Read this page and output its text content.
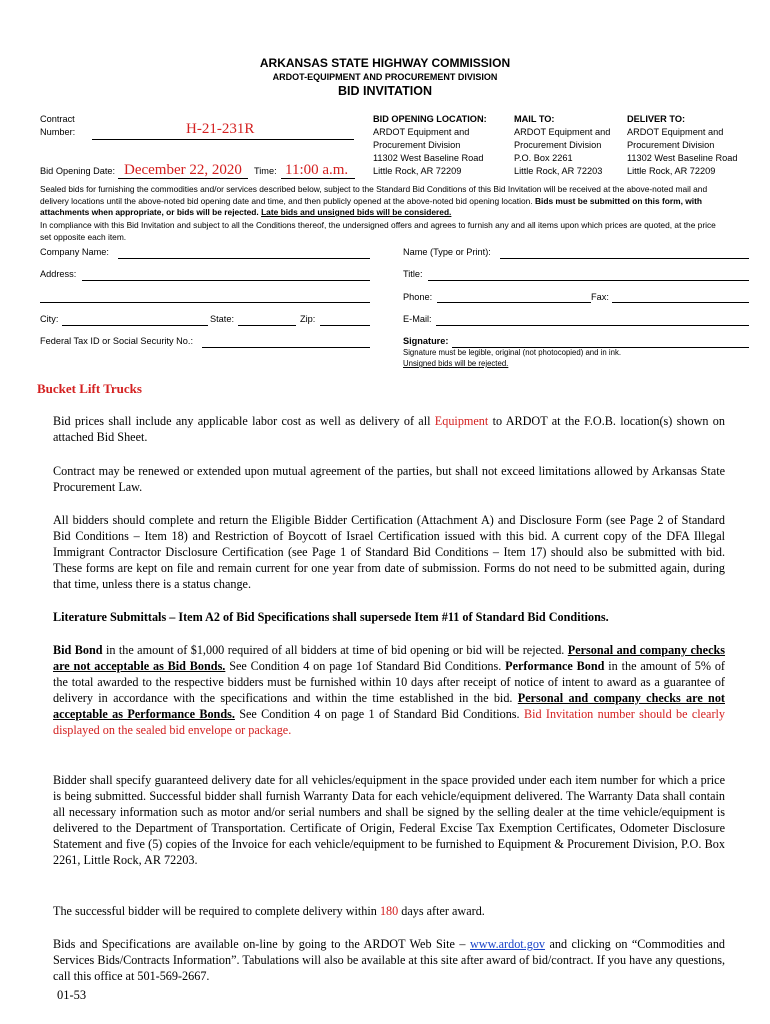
ARKANSAS STATE HIGHWAY COMMISSION
ARDOT-EQUIPMENT AND PROCUREMENT DIVISION
BID INVITATION
Contract
Number:	H-21-231R
Bid Opening Date: December 22, 2020 Time: 11:00 a.m.
BID OPENING LOCATION:
ARDOT Equipment and
Procurement Division
11302 West Baseline Road
Little Rock, AR 72209
MAIL TO:
ARDOT Equipment and
Procurement Division
P.O. Box 2261
Little Rock, AR 72203
DELIVER TO:
ARDOT Equipment and
Procurement Division
11302 West Baseline Road
Little Rock, AR 72209
Sealed bids for furnishing the commodities and/or services described below, subject to the Standard Bid Conditions of this Bid Invitation will be received at the above-noted mail and delivery locations until the above-noted bid opening date and time, and then publicly opened at the above-noted bid opening location. Bids must be submitted on this form, with attachments when appropriate, or bids will be rejected. Late bids and unsigned bids will be considered.
In compliance with this Bid Invitation and subject to all the Conditions thereof, the undersigned offers and agrees to furnish any and all items upon which prices are quoted, at the price set opposite each item.
Company Name:
Address:
City:	State:	Zip:
Federal Tax ID or Social Security No.:
Name (Type or Print):
Title:
Phone:	Fax:
E-Mail:
Signature:
Signature must be legible, original (not photocopied) and in ink.
Unsigned bids will be rejected.
Bucket Lift Trucks
Bid prices shall include any applicable labor cost as well as delivery of all Equipment to ARDOT at the F.O.B. location(s) shown on attached Bid Sheet.
Contract may be renewed or extended upon mutual agreement of the parties, but shall not exceed limitations allowed by Arkansas State Procurement Law.
All bidders should complete and return the Eligible Bidder Certification (Attachment A) and Disclosure Form (see Page 2 of Standard Bid Conditions – Item 18) and Restriction of Boycott of Israel Certification issued with this bid. A current copy of the DFA Illegal Immigrant Contractor Disclosure Certification (see Page 1 of Standard Bid Conditions – Item 17) should also be submitted with bid. These forms are kept on file and remain current for one year from date of submission. Forms do not need to be submitted again, during that time, unless there is a status change.
Literature Submittals – Item A2 of Bid Specifications shall supersede Item #11 of Standard Bid Conditions.
Bid Bond in the amount of $1,000 required of all bidders at time of bid opening or bid will be rejected. Personal and company checks are not acceptable as Bid Bonds. See Condition 4 on page 1of Standard Bid Conditions. Performance Bond in the amount of 5% of the total awarded to the respective bidders must be furnished within 10 days after receipt of notice of intent to award as a guarantee of delivery in accordance with the specifications and within the time established in the bid. Personal and company checks are not acceptable as Performance Bonds. See Condition 4 on page 1 of Standard Bid Conditions. Bid Invitation number should be clearly displayed on the sealed bid envelope or package.
Bidder shall specify guaranteed delivery date for all vehicles/equipment in the space provided under each item number for which a price is being submitted. Successful bidder shall furnish Warranty Data for each vehicle/equipment delivered. The Warranty Data shall contain all necessary information such as motor and/or serial numbers and shall be signed by the selling dealer at the time vehicle/equipment is delivered to the Department of Transportation. Certificate of Origin, Federal Excise Tax Exemption Certificates, Odometer Disclosure Statement and five (5) copies of the Invoice for each vehicle/equipment to be furnished to Equipment & Procurement Division, P.O. Box 2261, Little Rock, AR 72203.
The successful bidder will be required to complete delivery within 180 days after award.
Bids and Specifications are available on-line by going to the ARDOT Web Site – www.ardot.gov and clicking on “Commodities and Services Bids/Contracts Information”. Tabulations will also be available at this site after award of bid/contract. If you have any questions, call this office at 501-569-2667.
01-53
